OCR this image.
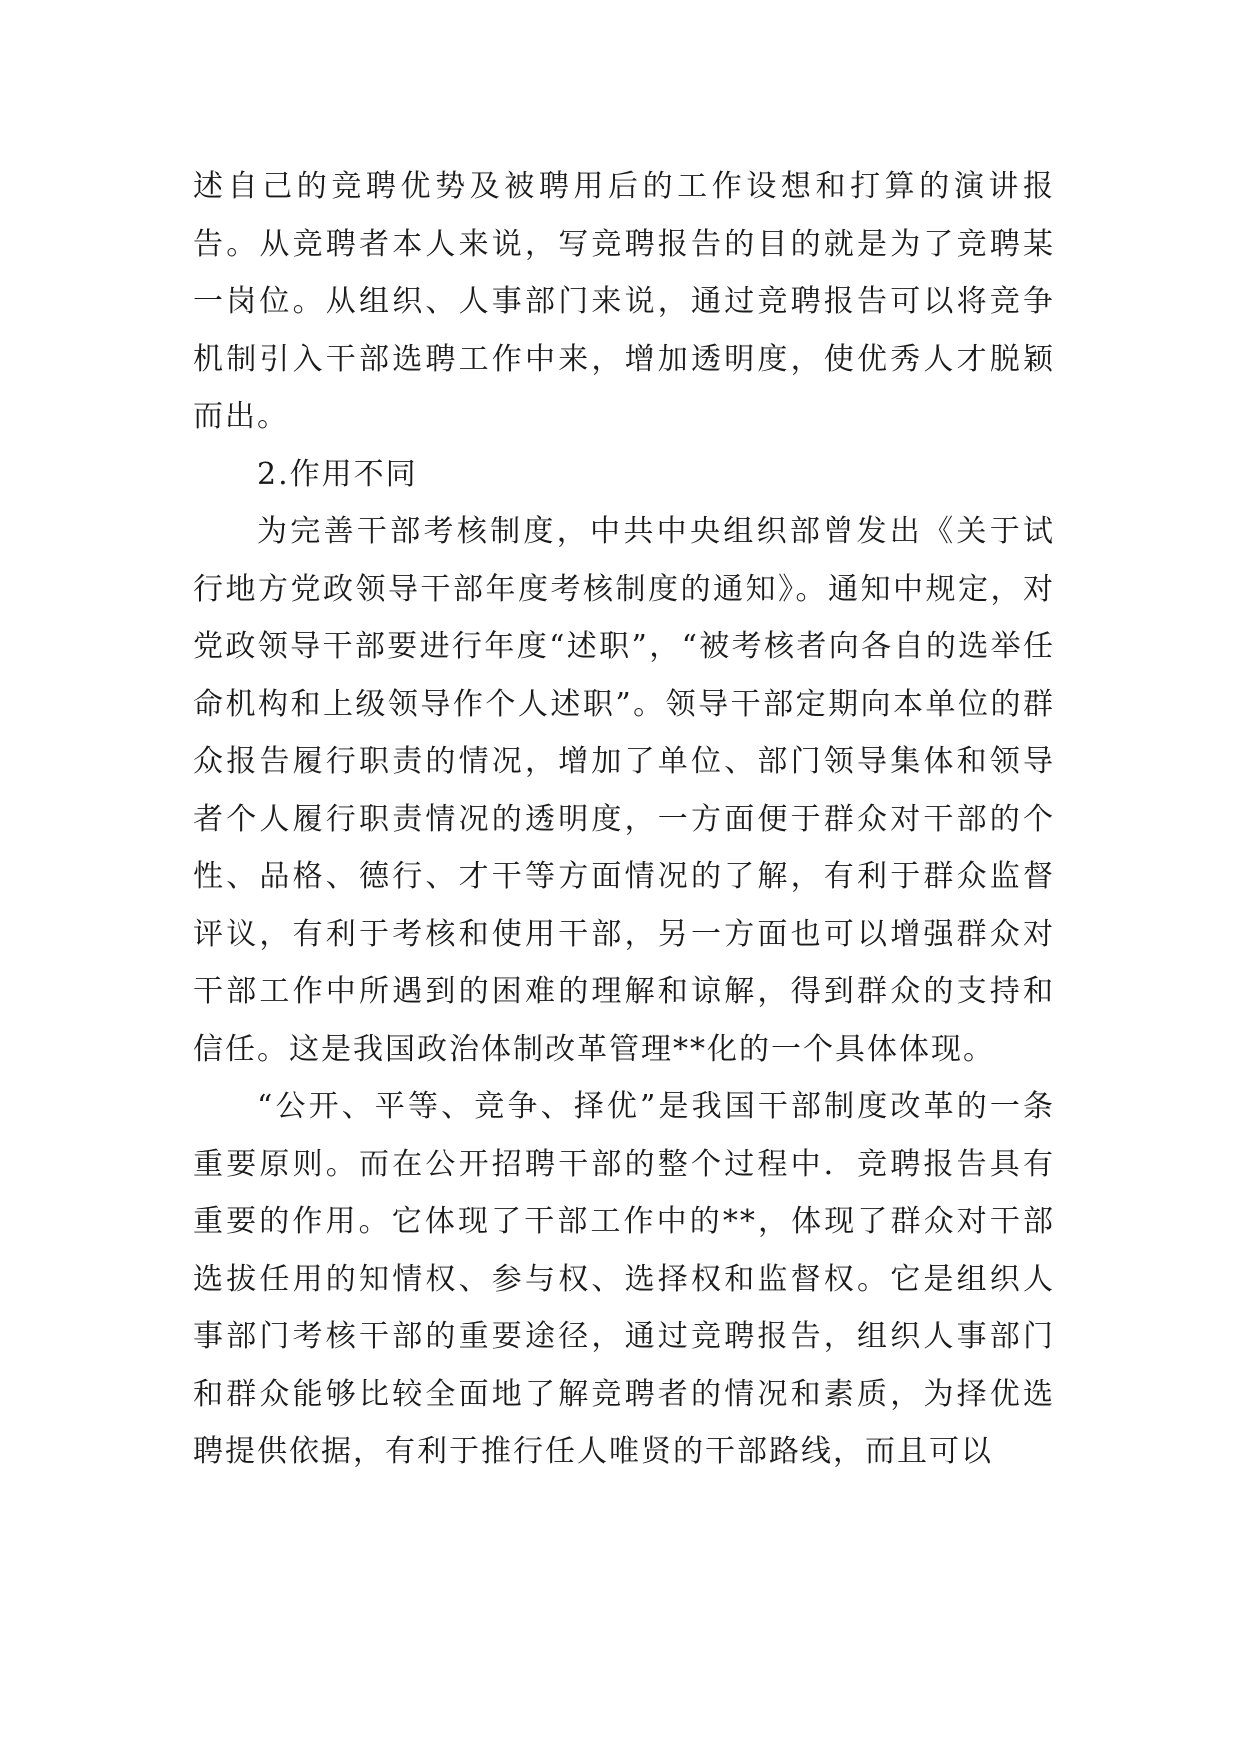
述自己的竞聘优势及被聘用后的工作设想和打算的演讲报告。从竞聘者本人来说，写竞聘报告的目的就是为了竞聘某一岗位。从组织、人事部门来说，通过竞聘报告可以将竞争机制引入干部选聘工作中来，增加透明度，使优秀人才脱颖而出。

2.作用不同

为完善干部考核制度，中共中央组织部曾发出《关于试行地方党政领导干部年度考核制度的通知》。通知中规定，对党政领导干部要进行年度“述职”，“被考核者向各自的选举任命机构和上级领导作个人述职”。领导干部定期向本单位的群众报告履行职责的情况，增加了单位、部门领导集体和领导者个人履行职责情况的透明度，一方面便于群众对干部的个性、品格、德行、才干等方面情况的了解，有利于群众监督评议，有利于考核和使用干部，另一方面也可以增强群众对干部工作中所遇到的困难的理解和谅解，得到群众的支持和信任。这是我国政治体制改革管理**化的一个具体体现。

“公开、平等、竞争、择优”是我国干部制度改革的一条重要原则。而在公开招聘干部的整个过程中．竞聘报告具有重要的作用。它体现了干部工作中的**，体现了群众对干部选拔任用的知情权、参与权、选择权和监督权。它是组织人事部门考核干部的重要途径，通过竞聘报告，组织人事部门和群众能够比较全面地了解竞聘者的情况和素质，为择优选聘提供依据，有利于推行任人唯贤的干部路线，而且可以
